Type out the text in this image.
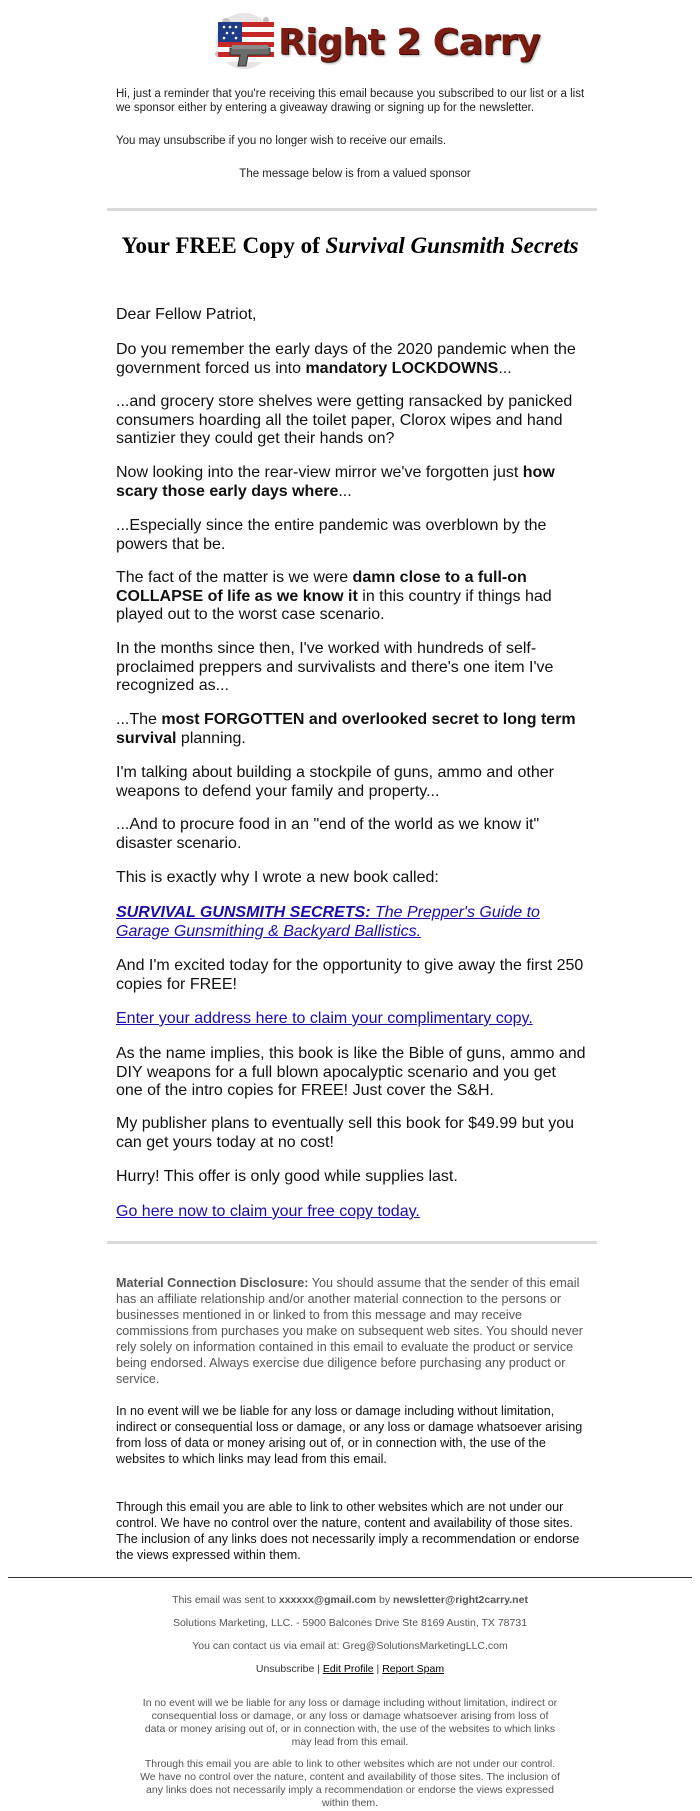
Right 2 Carry
Hi, just a reminder that you're receiving this email because you subscribed to our list or a list we sponsor either by entering a giveaway drawing or signing up for the newsletter.
You may unsubscribe if you no longer wish to receive our emails.
The message below is from a valued sponsor
Your FREE Copy of Survival Gunsmith Secrets
Dear Fellow Patriot,
Do you remember the early days of the 2020 pandemic when the government forced us into mandatory LOCKDOWNS...
...and grocery store shelves were getting ransacked by panicked consumers hoarding all the toilet paper, Clorox wipes and hand santizier they could get their hands on?
Now looking into the rear-view mirror we've forgotten just how scary those early days where...
...Especially since the entire pandemic was overblown by the powers that be.
The fact of the matter is we were damn close to a full-on COLLAPSE of life as we know it in this country if things had played out to the worst case scenario.
In the months since then, I've worked with hundreds of self-proclaimed preppers and survivalists and there's one item I've recognized as...
...The most FORGOTTEN and overlooked secret to long term survival planning.
I'm talking about building a stockpile of guns, ammo and other weapons to defend your family and property...
...And to procure food in an "end of the world as we know it" disaster scenario.
This is exactly why I wrote a new book called:
SURVIVAL GUNSMITH SECRETS: The Prepper's Guide to Garage Gunsmithing & Backyard Ballistics.
And I'm excited today for the opportunity to give away the first 250 copies for FREE!
Enter your address here to claim your complimentary copy.
As the name implies, this book is like the Bible of guns, ammo and DIY weapons for a full blown apocalyptic scenario and you get one of the intro copies for FREE! Just cover the S&H.
My publisher plans to eventually sell this book for $49.99 but you can get yours today at no cost!
Hurry! This offer is only good while supplies last.
Go here now to claim your free copy today.
Material Connection Disclosure: You should assume that the sender of this email has an affiliate relationship and/or another material connection to the persons or businesses mentioned in or linked to from this message and may receive commissions from purchases you make on subsequent web sites. You should never rely solely on information contained in this email to evaluate the product or service being endorsed. Always exercise due diligence before purchasing any product or service.
In no event will we be liable for any loss or damage including without limitation, indirect or consequential loss or damage, or any loss or damage whatsoever arising from loss of data or money arising out of, or in connection with, the use of the websites to which links may lead from this email.
Through this email you are able to link to other websites which are not under our control. We have no control over the nature, content and availability of those sites. The inclusion of any links does not necessarily imply a recommendation or endorse the views expressed within them.
This email was sent to xxxxxx@gmail.com by newsletter@right2carry.net
Solutions Marketing, LLC. - 5900 Balcones Drive Ste 8169 Austin, TX 78731
You can contact us via email at: Greg@SolutionsMarketingLLC.com
Unsubscribe | Edit Profile | Report Spam
In no event will we be liable for any loss or damage including without limitation, indirect or consequential loss or damage, or any loss or damage whatsoever arising from loss of data or money arising out of, or in connection with, the use of the websites to which links may lead from this email.
Through this email you are able to link to other websites which are not under our control. We have no control over the nature, content and availability of those sites. The inclusion of any links does not necessarily imply a recommendation or endorse the views expressed within them.
